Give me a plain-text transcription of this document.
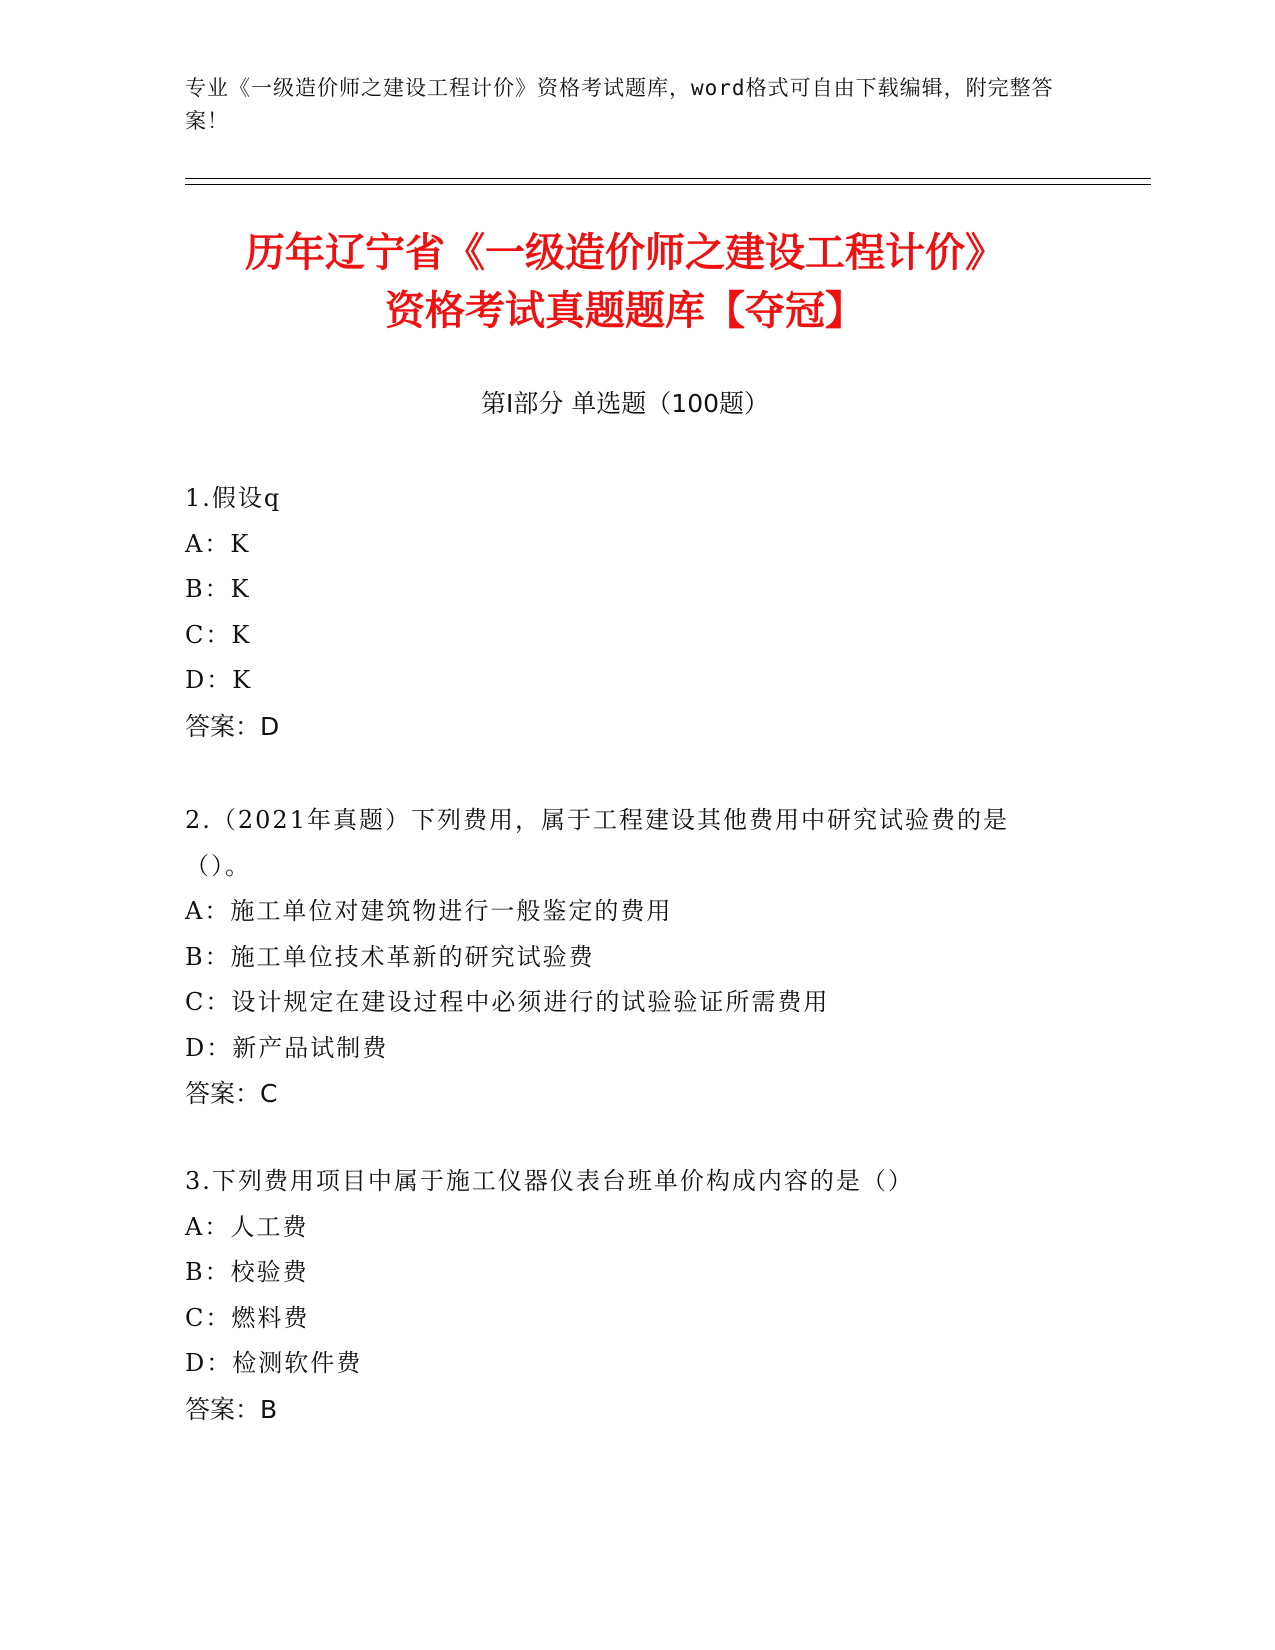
专业《一级造价师之建设工程计价》资格考试题库，word格式可自由下载编辑，附完整答案！
历年辽宁省《一级造价师之建设工程计价》
资格考试真题题库【夺冠】
第Ⅰ部分 单选题（100题）
1.假设q
A：K
B：K
C：K
D：K
答案：D
2.（2021年真题）下列费用，属于工程建设其他费用中研究试验费的是（）。
A：施工单位对建筑物进行一般鉴定的费用
B：施工单位技术革新的研究试验费
C：设计规定在建设过程中必须进行的试验验证所需费用
D：新产品试制费
答案：C
3.下列费用项目中属于施工仪器仪表台班单价构成内容的是（）
A：人工费
B：校验费
C：燃料费
D：检测软件费
答案：B
